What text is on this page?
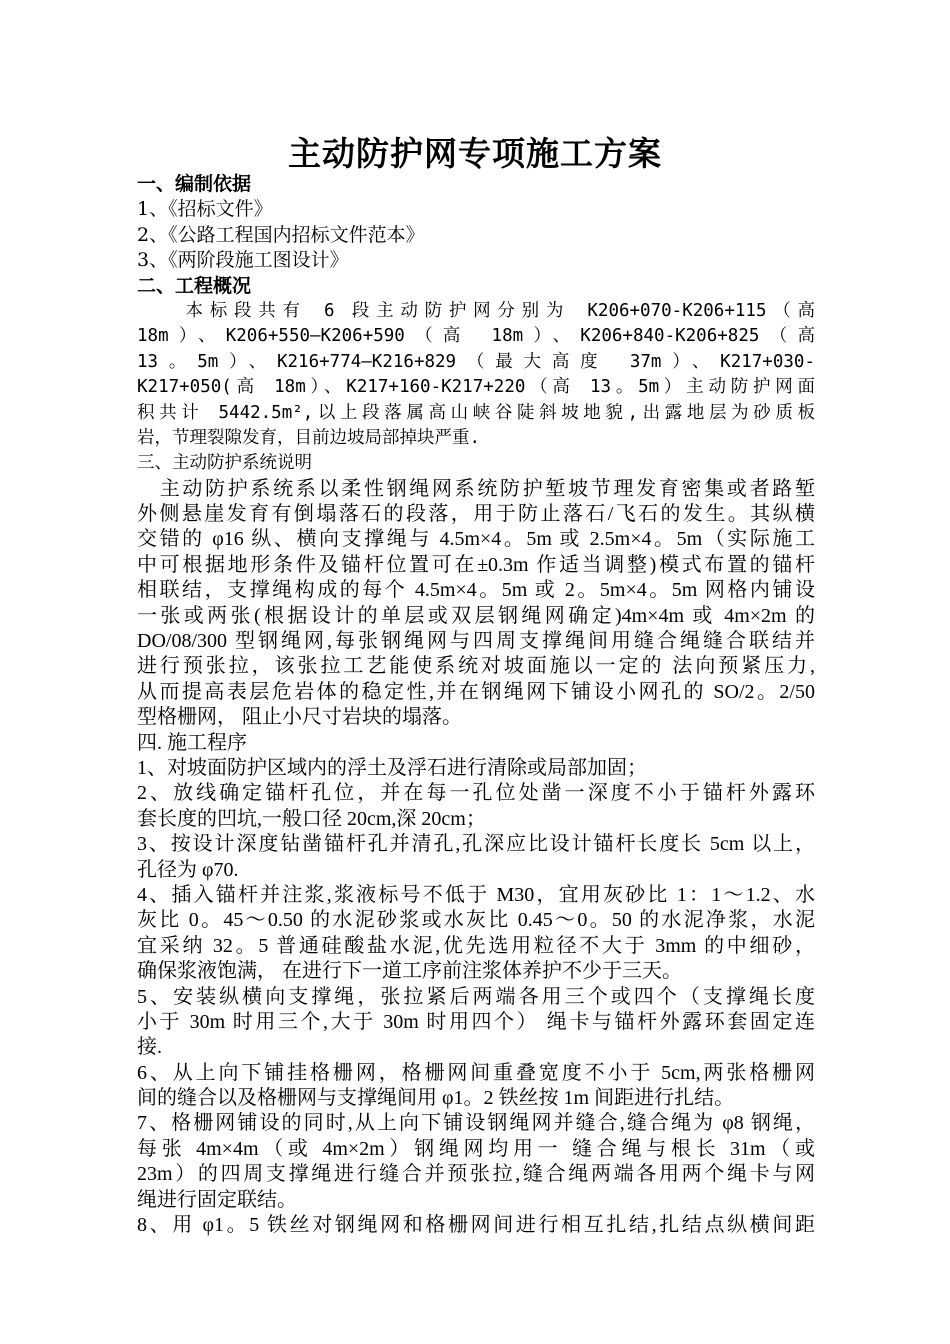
主动防护网专项施工方案
一、编制依据
1、《招标文件》
2、《公路工程国内招标文件范本》
3、《两阶段施工图设计》
二、工程概况
　　本标段共有 6 段主动防护网分别为 K206+070-K206+115（高
18m）、K206+550—K206+590（高 18m）、K206+840-K206+825（高
13。5m）、K216+774—K216+829（最大高度 37m）、K217+030-
K217+050(高 18m）、K217+160-K217+220（高 13。5m）主动防护网面
积共计 5442.5m²,以上段落属高山峡谷陡斜坡地貌,出露地层为砂质板
岩，节理裂隙发育，目前边坡局部掉块严重.
三、主动防护系统说明
　主动防护系统系以柔性钢绳网系统防护堑坡节理发育密集或者路堑
外侧悬崖发育有倒塌落石的段落，用于防止落石/飞石的发生。其纵横
交错的 φ16 纵、横向支撑绳与 4.5m×4。5m 或 2.5m×4。5m（实际施工
中可根据地形条件及锚杆位置可在±0.3m 作适当调整)模式布置的锚杆
相联结，支撑绳构成的每个 4.5m×4。5m 或 2。5m×4。5m 网格内铺设
一张或两张(根据设计的单层或双层钢绳网确定)4m×4m 或 4m×2m 的
DO/08/300 型钢绳网,每张钢绳网与四周支撑绳间用缝合绳缝合联结并
进行预张拉，该张拉工艺能使系统对坡面施以一定的 法向预紧压力,
从而提高表层危岩体的稳定性,并在钢绳网下铺设小网孔的 SO/2。2/50
型格栅网， 阻止小尺寸岩块的塌落。
四. 施工程序
1、对坡面防护区域内的浮土及浮石进行清除或局部加固；
2、放线确定锚杆孔位，并在每一孔位处凿一深度不小于锚杆外露环
套长度的凹坑,一般口径 20cm,深 20cm；
3、按设计深度钻凿锚杆孔并清孔,孔深应比设计锚杆长度长 5cm 以上，
孔径为 φ70.
4、插入锚杆并注浆,浆液标号不低于 M30，宜用灰砂比 1：1～1.2、水
灰比 0。45～0.50 的水泥砂浆或水灰比 0.45～0。50 的水泥净浆，水泥
宜采纳 32。5 普通硅酸盐水泥,优先选用粒径不大于 3mm 的中细砂，
确保浆液饱满， 在进行下一道工序前注浆体养护不少于三天。
5、安装纵横向支撑绳，张拉紧后两端各用三个或四个（支撑绳长度
小于 30m 时用三个,大于 30m 时用四个） 绳卡与锚杆外露环套固定连
接.
6、从上向下铺挂格栅网，格栅网间重叠宽度不小于 5cm,两张格栅网
间的缝合以及格栅网与支撑绳间用 φ1。2 铁丝按 1m 间距进行扎结。
7、格栅网铺设的同时,从上向下铺设钢绳网并缝合,缝合绳为 φ8 钢绳，
每张 4m×4m（或 4m×2m）钢绳网均用一 缝合绳与根长 31m（或
23m）的四周支撑绳进行缝合并预张拉,缝合绳两端各用两个绳卡与网
绳进行固定联结。
8、用 φ1。5 铁丝对钢绳网和格栅网间进行相互扎结,扎结点纵横间距
